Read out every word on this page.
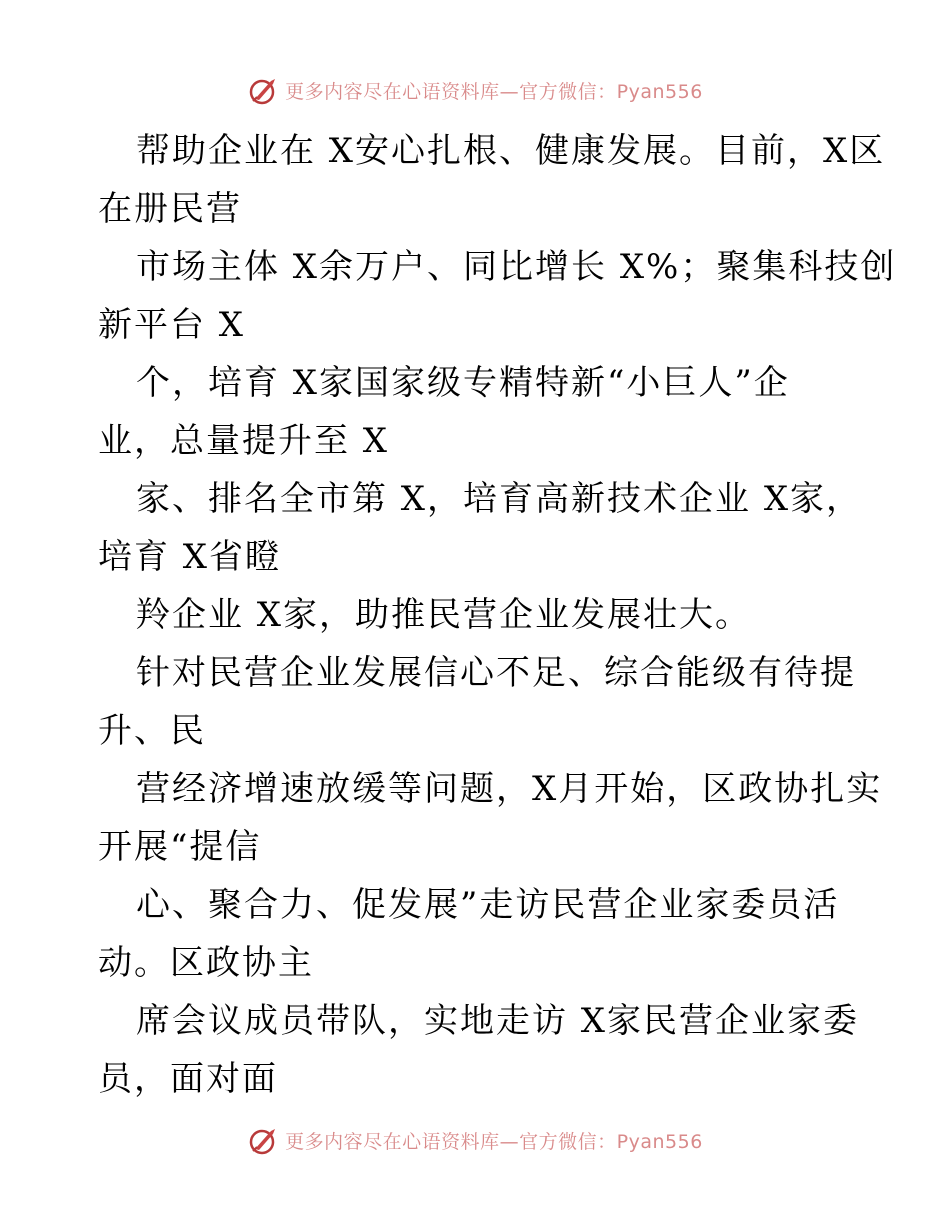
更多内容尽在心语资料库—官方微信：Pyan556
帮助企业在 X安心扎根、健康发展。目前，X区
在册民营
市场主体 X余万户、同比增长 X%；聚集科技创
新平台 X
个，培育 X家国家级专精特新“小巨人”企
业，总量提升至 X
家、排名全市第 X，培育高新技术企业 X家，
培育 X省瞪
羚企业 X家，助推民营企业发展壮大。
针对民营企业发展信心不足、综合能级有待提
升、民
营经济增速放缓等问题，X月开始，区政协扎实
开展“提信
心、聚合力、促发展”走访民营企业家委员活
动。区政协主
席会议成员带队，实地走访 X家民营企业家委
员，面对面
更多内容尽在心语资料库—官方微信：Pyan556
